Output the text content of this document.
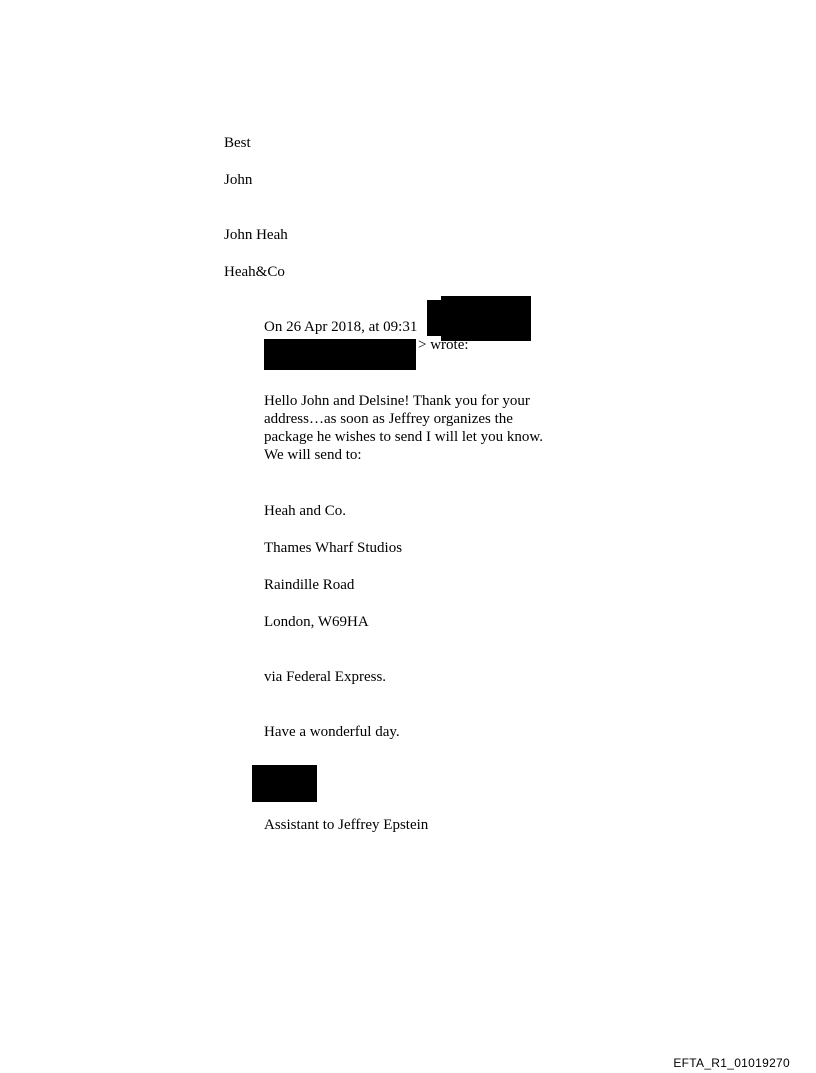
Best

John

John Heah

Heah&Co

On 26 Apr 2018, at 09:31

> wrote:

Hello John and Delsine! Thank you for your address…as soon as Jeffrey organizes the package he wishes to send I will let you know. We will send to:

Heah and Co.

Thames Wharf Studios

Raindille Road

London, W69HA

via Federal Express.

Have a wonderful day.

Assistant to Jeffrey Epstein

EFTA_R1_01019270
